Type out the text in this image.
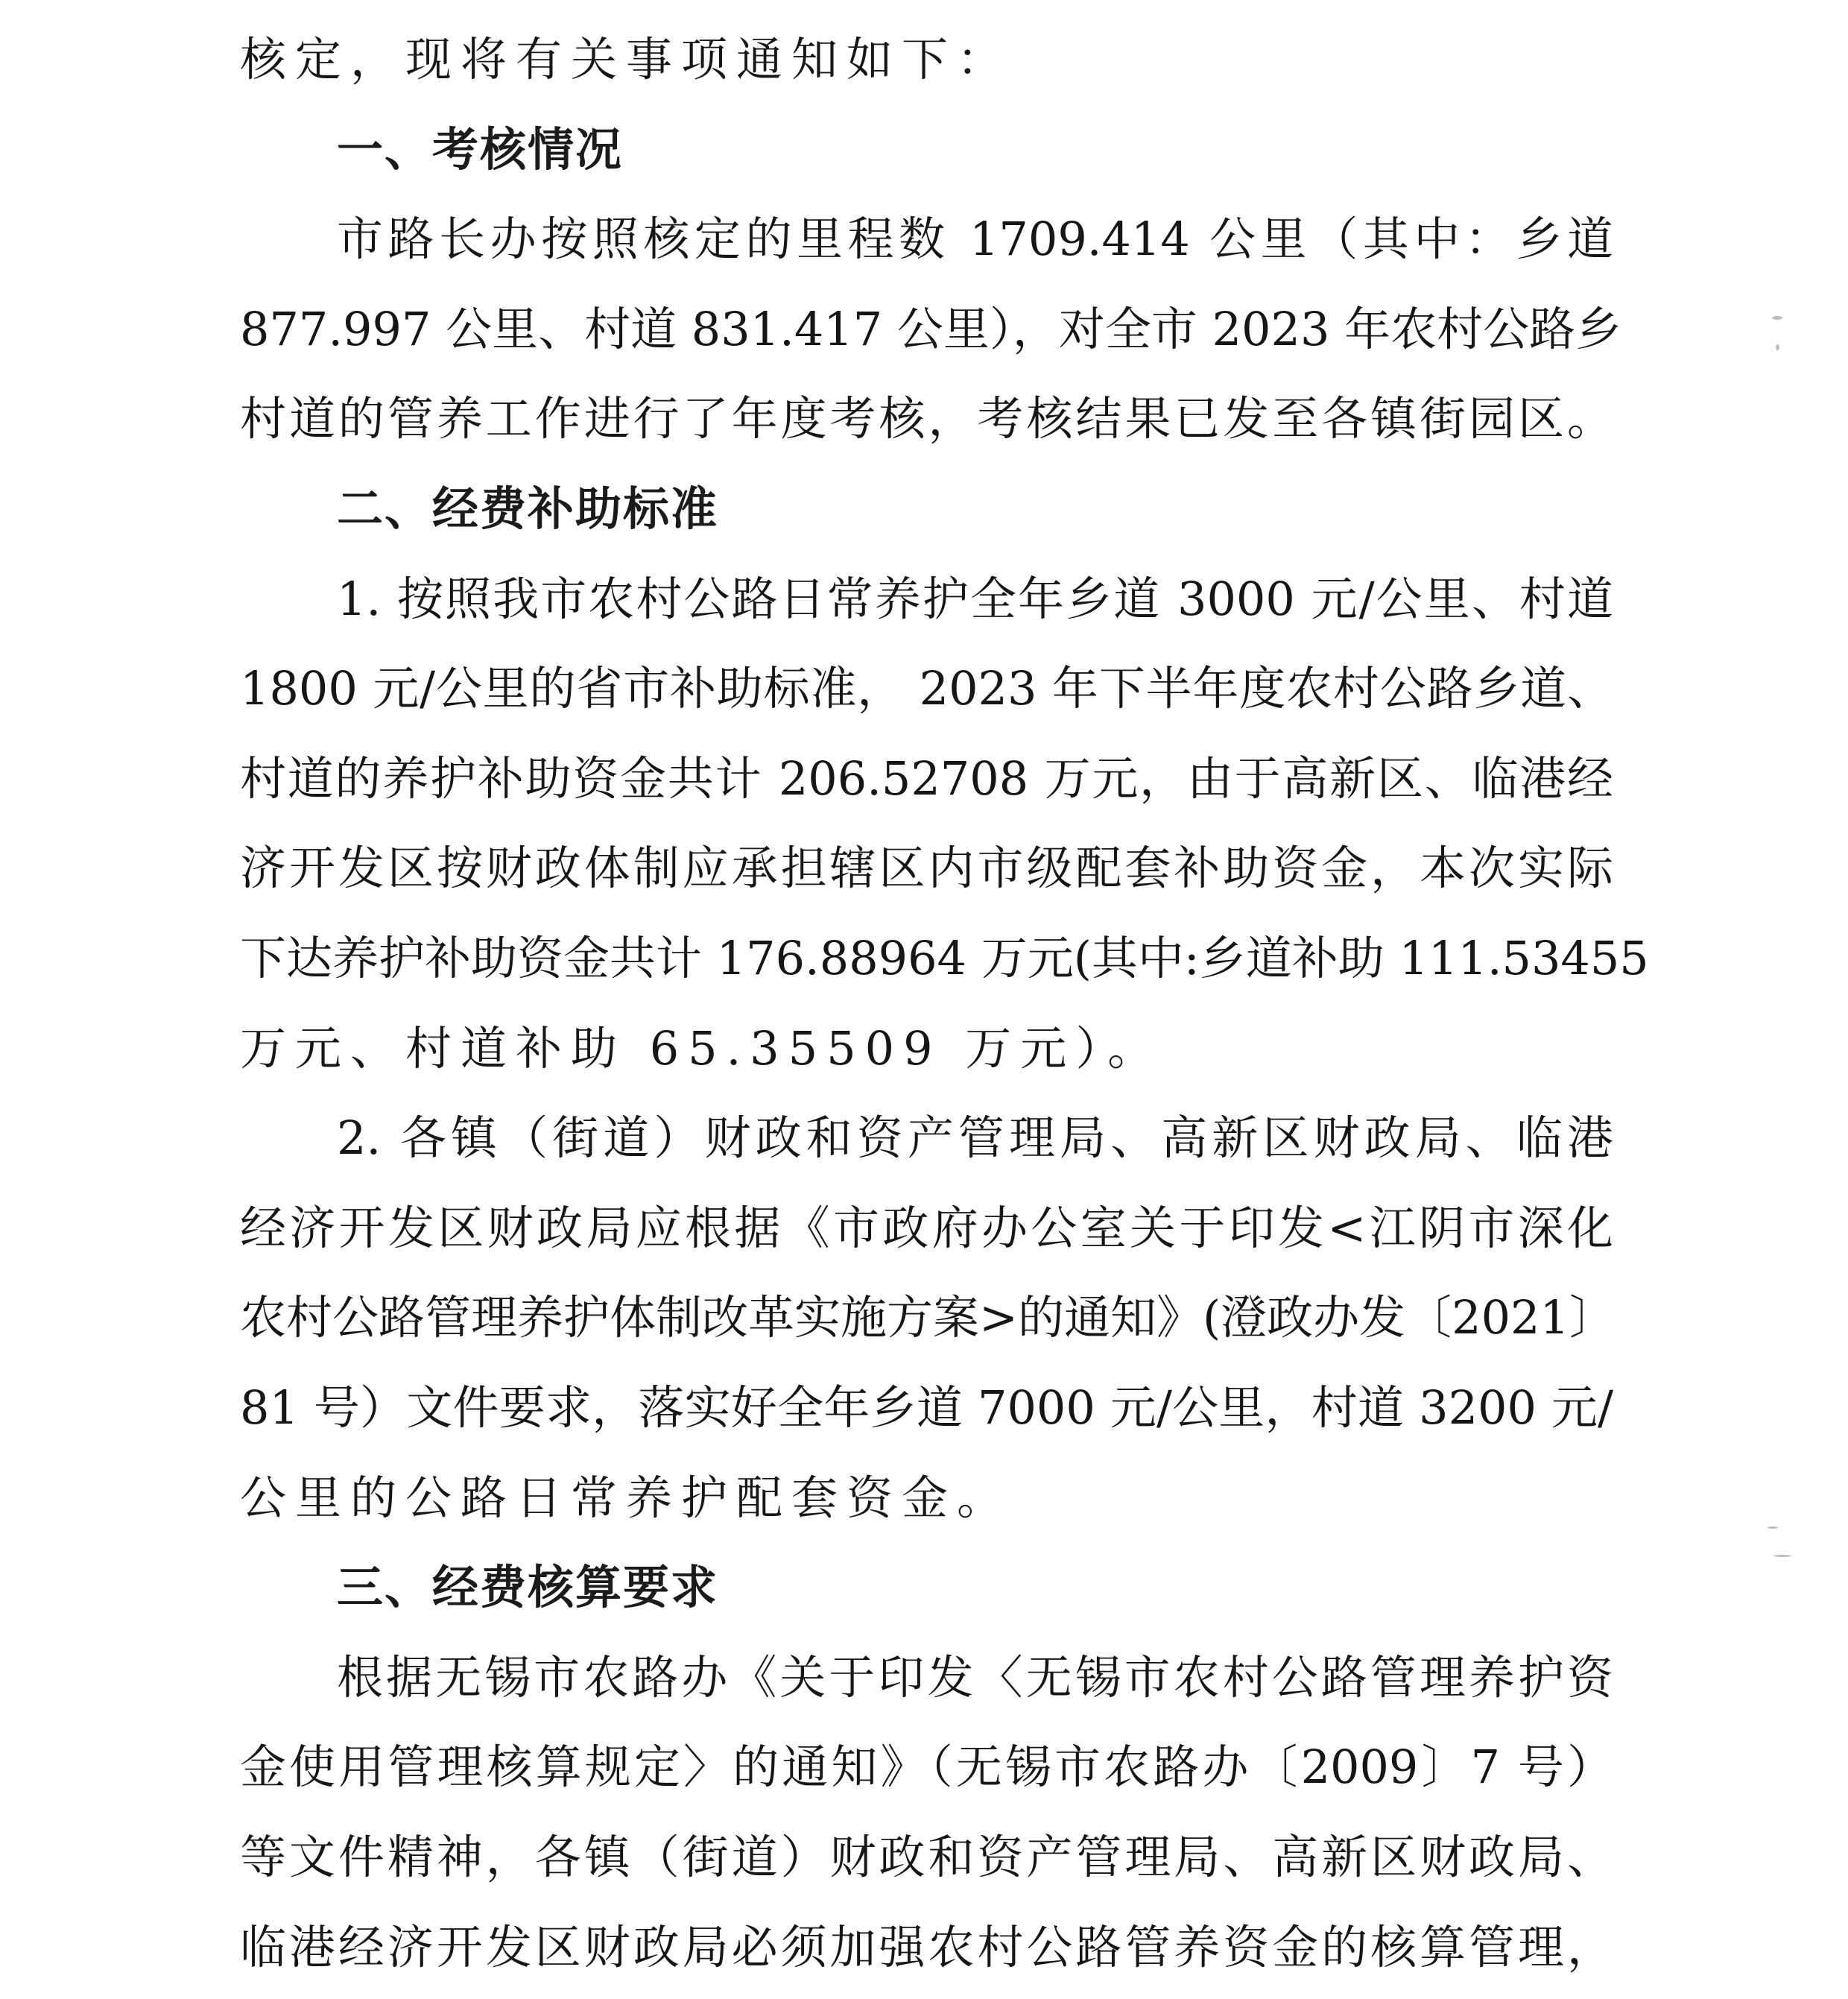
核定，现将有关事项通知如下：
一、考核情况
市路长办按照核定的里程数 1709.414 公里（其中：乡道
877.997 公里、村道 831.417 公里），对全市 2023 年农村公路乡
村道的管养工作进行了年度考核，考核结果已发至各镇街园区。
二、经费补助标准
1. 按照我市农村公路日常养护全年乡道 3000 元/公里、村道
1800 元/公里的省市补助标准， 2023 年下半年度农村公路乡道、
村道的养护补助资金共计 206.52708 万元，由于高新区、临港经
济开发区按财政体制应承担辖区内市级配套补助资金，本次实际
下达养护补助资金共计 176.88964 万元(其中:乡道补助 111.53455
万元、村道补助 65.35509 万元）。
2. 各镇（街道）财政和资产管理局、高新区财政局、临港
经济开发区财政局应根据《市政府办公室关于印发<江阴市深化
农村公路管理养护体制改革实施方案>的通知》(澄政办发〔2021〕
81 号）文件要求，落实好全年乡道 7000 元/公里，村道 3200 元/
公里的公路日常养护配套资金。
三、经费核算要求
根据无锡市农路办《关于印发〈无锡市农村公路管理养护资
金使用管理核算规定〉的通知》（无锡市农路办〔2009〕7 号）
等文件精神，各镇（街道）财政和资产管理局、高新区财政局、
临港经济开发区财政局必须加强农村公路管养资金的核算管理，
